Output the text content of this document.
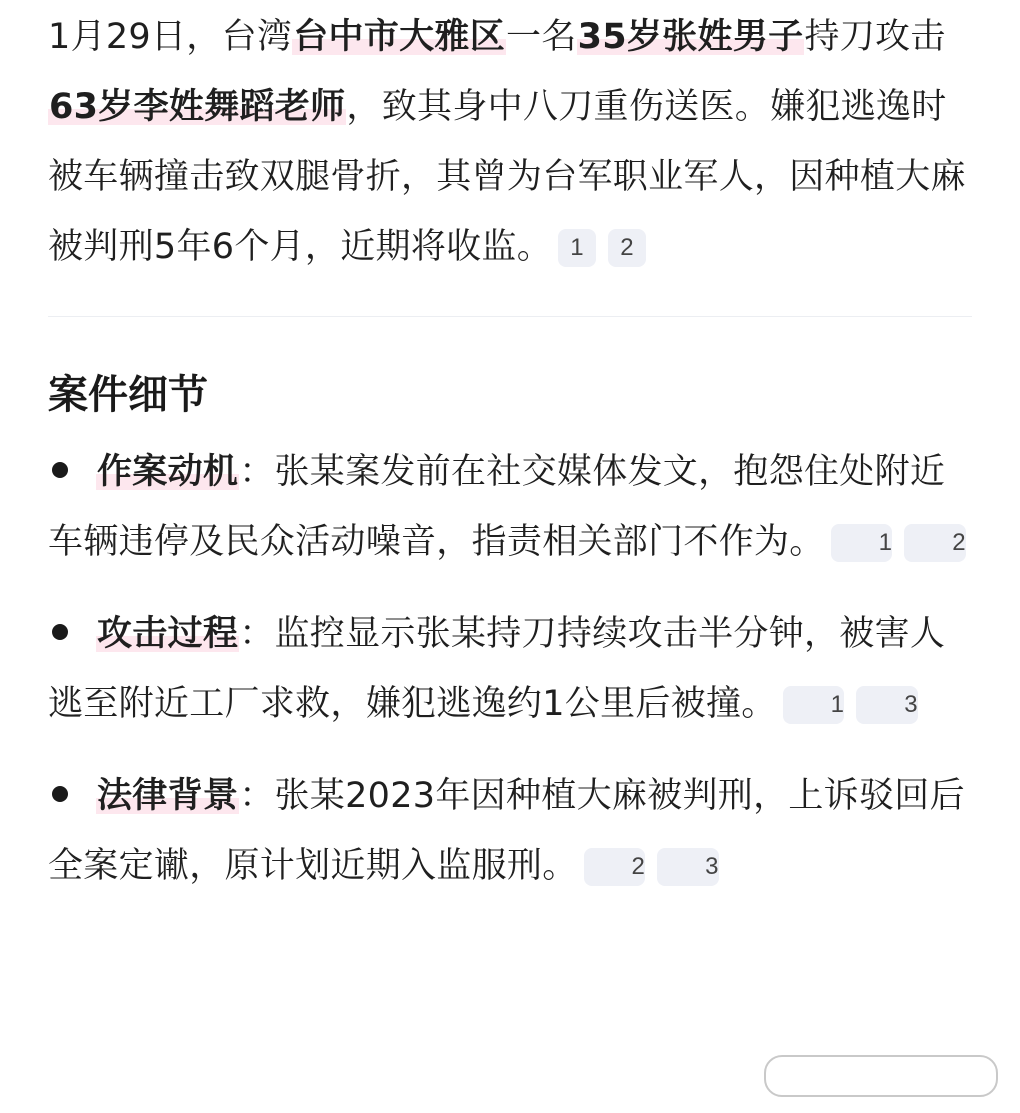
1月29日，台湾台中市大雅区一名35岁张姓男子持刀攻击63岁李姓舞蹈老师，致其身中八刀重伤送医。嫌犯逃逸时被车辆撞击致双腿骨折，其曾为台军职业军人，因种植大麻被判刑5年6个月，近期将收监。 1 2

案件细节
作案动机：张某案发前在社交媒体发文，抱怨住处附近车辆违停及民众活动噪音，指责相关部门不作为。 1	2
攻击过程：监控显示张某持刀持续攻击半分钟，被害人逃至附近工厂求救，嫌犯逃逸约1公里后被撞。 1	3
法律背景：张某2023年因种植大麻被判刑，上诉驳回后全案定谳，原计划近期入监服刑。 2	3
